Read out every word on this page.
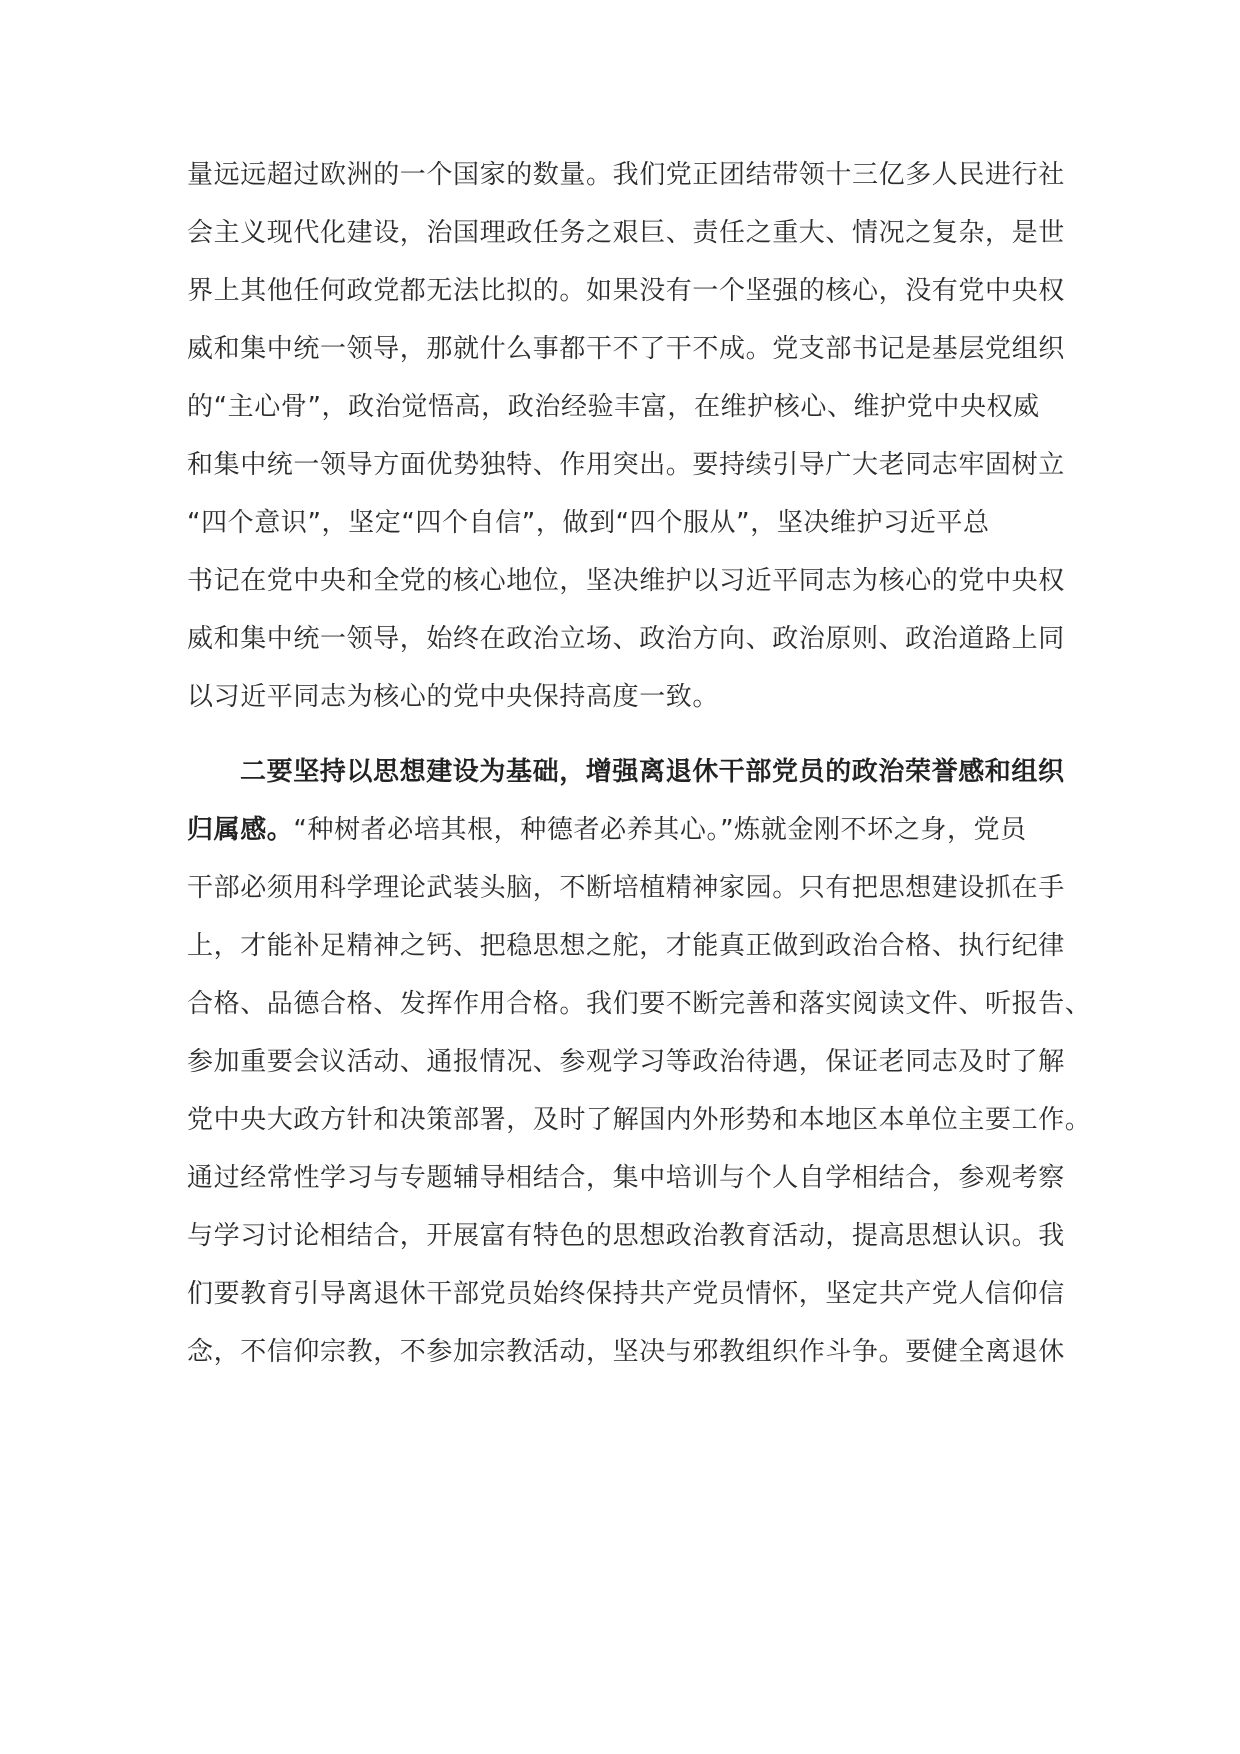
量远远超过欧洲的一个国家的数量。我们党正团结带领十三亿多人民进行社
会主义现代化建设，治国理政任务之艰巨、责任之重大、情况之复杂，是世
界上其他任何政党都无法比拟的。如果没有一个坚强的核心，没有党中央权
威和集中统一领导，那就什么事都干不了干不成。党支部书记是基层党组织
的“主心骨”，政治觉悟高，政治经验丰富，在维护核心、维护党中央权威
和集中统一领导方面优势独特、作用突出。要持续引导广大老同志牢固树立
“四个意识”，坚定“四个自信”，做到“四个服从”，坚决维护习近平总
书记在党中央和全党的核心地位，坚决维护以习近平同志为核心的党中央权
威和集中统一领导，始终在政治立场、政治方向、政治原则、政治道路上同
以习近平同志为核心的党中央保持高度一致。
二要坚持以思想建设为基础，增强离退休干部党员的政治荣誉感和组织
归属感。“种树者必培其根，种德者必养其心。”炼就金刚不坏之身，党员
干部必须用科学理论武装头脑，不断培植精神家园。只有把思想建设抓在手
上，才能补足精神之钙、把稳思想之舵，才能真正做到政治合格、执行纪律
合格、品德合格、发挥作用合格。我们要不断完善和落实阅读文件、听报告、
参加重要会议活动、通报情况、参观学习等政治待遇，保证老同志及时了解
党中央大政方针和决策部署，及时了解国内外形势和本地区本单位主要工作。
通过经常性学习与专题辅导相结合，集中培训与个人自学相结合，参观考察
与学习讨论相结合，开展富有特色的思想政治教育活动，提高思想认识。我
们要教育引导离退休干部党员始终保持共产党员情怀，坚定共产党人信仰信
念，不信仰宗教，不参加宗教活动，坚决与邪教组织作斗争。要健全离退休
